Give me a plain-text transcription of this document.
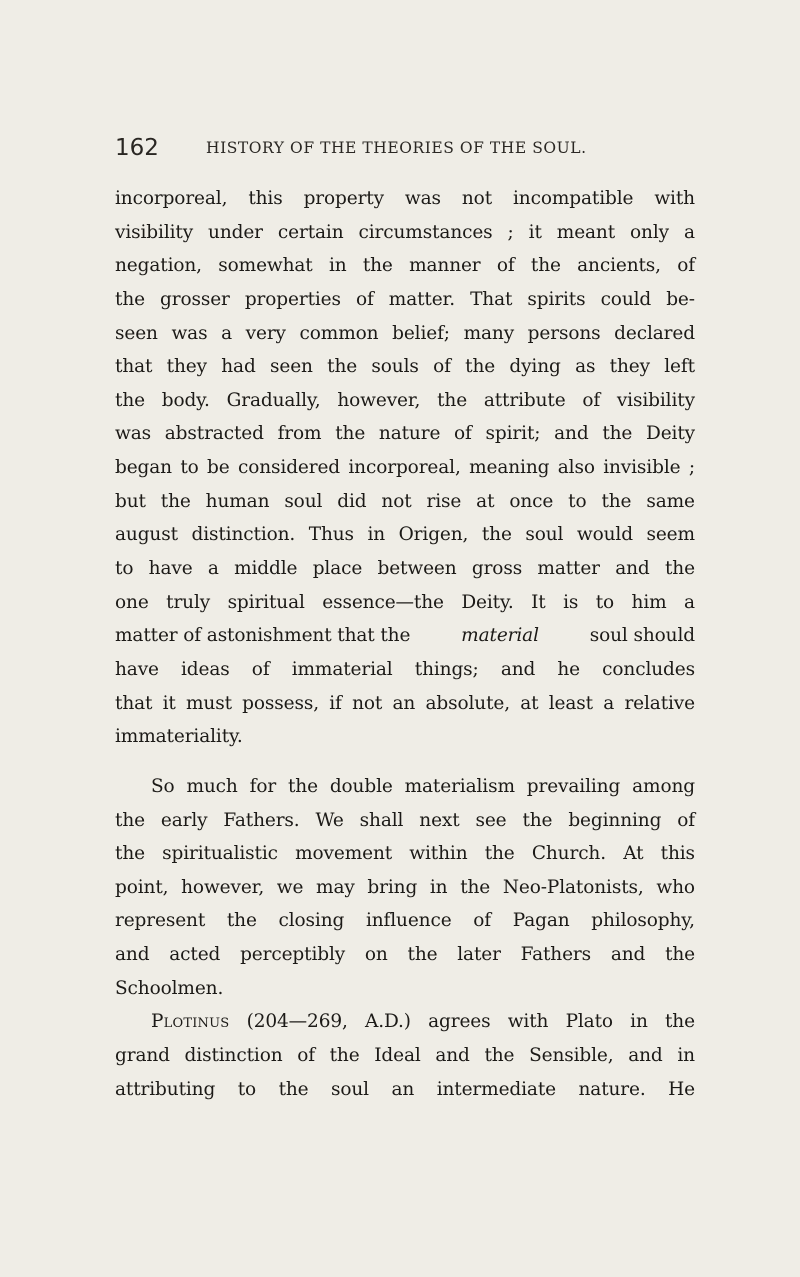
162	HISTORY OF THE THEORIES OF THE SOUL.
incorporeal, this property was not incompatible with
visibility under certain circumstances ; it meant only a
negation, somewhat in the manner of the ancients, of
the grosser properties of matter. That spirits could be-
seen was a very common belief; many persons declared
that they had seen the souls of the dying as they left
the body. Gradually, however, the attribute of visibility
was abstracted from the nature of spirit; and the Deity
began to be considered incorporeal, meaning also invisible ;
but the human soul did not rise at once to the same
august distinction. Thus in Origen, the soul would seem
to have a middle place between gross matter and the
one truly spiritual essence—the Deity. It is to him a
matter of astonishment that the	material	soul should
have ideas of immaterial things; and he concludes
that it must possess, if not an absolute, at least a relative
immateriality.
So much for the double materialism prevailing among
the early Fathers. We shall next see the beginning of
the spiritualistic movement within the Church. At this
point, however, we may bring in the Neo-Platonists, who
represent the closing influence of Pagan philosophy,
and acted perceptibly on the later Fathers and the
Schoolmen.
Plotinus (204—269, A.D.) agrees with Plato in the
grand distinction of the Ideal and the Sensible, and in
attributing to the soul an intermediate nature. He
